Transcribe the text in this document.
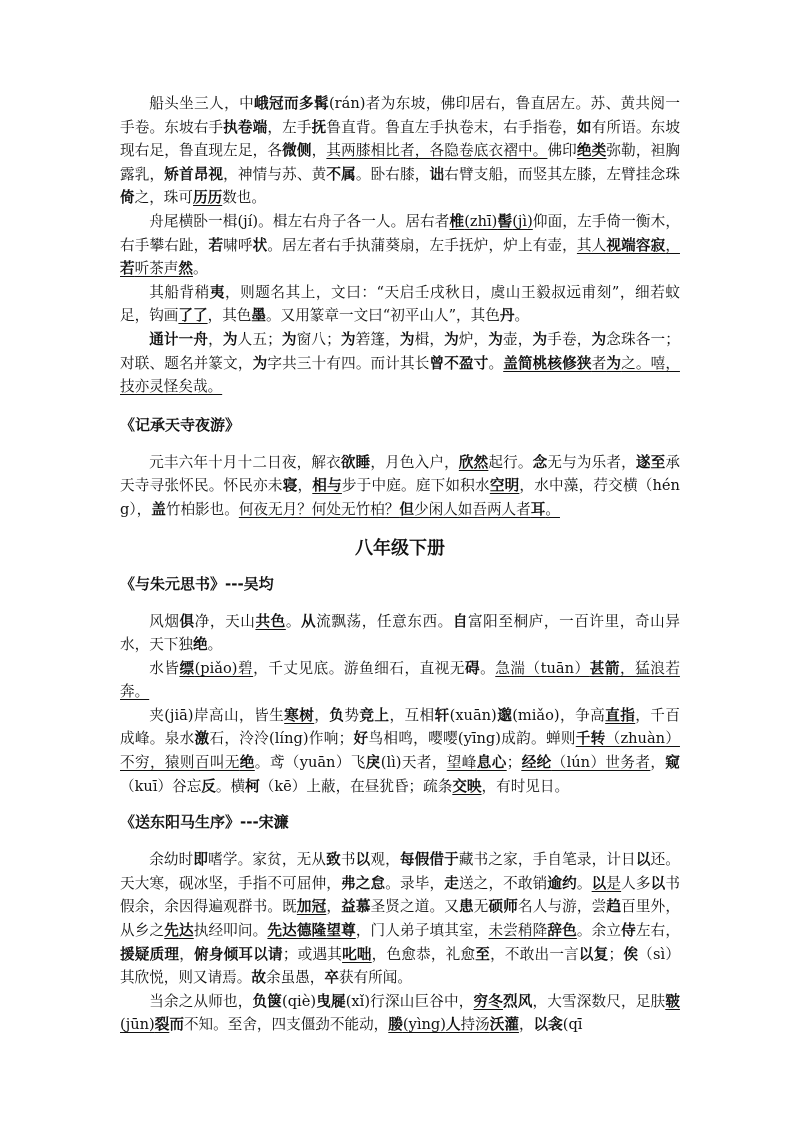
船头坐三人，中峨冠而多髯(rán)者为东坡，佛印居右，鲁直居左。苏、黄共阅一手卷。东坡右手执卷端，左手抚鲁直背。鲁直左手执卷末，右手指卷，如有所语。东坡现右足，鲁直现左足，各微侧，其两膝相比者，各隐卷底衣褶中。佛印绝类弥勒，袒胸露乳，矫首昂视，神情与苏、黄不属。卧右膝，诎右臂支船，而竖其左膝，左臂挂念珠倚之，珠可历历数也。

舟尾横卧一楫(jí)。楫左右舟子各一人。居右者椎(zhī)髻(jì)仰面，左手倚一衡木，右手攀右趾，若啸呼状。居左者右手执蒲葵扇，左手抚炉，炉上有壶，其人视端容寂，若听茶声然。

其船背稍夷，则题名其上，文曰：“天启壬戌秋日，虞山王毅叔远甫刻”，细若蚊足，钩画了了，其色墨。又用篆章一文曰“初平山人”，其色丹。

通计一舟，为人五；为窗八；为箬篷，为楫，为炉，为壶，为手卷，为念珠各一；对联、题名并篆文，为字共三十有四。而计其长曾不盈寸。盖简桃核修狭者为之。嘻，技亦灵怪矣哉。

《记承天寺夜游》

元丰六年十月十二日夜，解衣欲睡，月色入户，欣然起行。念无与为乐者，遂至承天寺寻张怀民。怀民亦未寝，相与步于中庭。庭下如积水空明，水中藻，荇交横（héng），盖竹柏影也。何夜无月？何处无竹柏？但少闲人如吾两人者耳。

八年级下册

《与朱元思书》---吴均

风烟俱净，天山共色。从流飘荡，任意东西。自富阳至桐庐，一百许里，奇山异水，天下独绝。

水皆缥(piǎo)碧，千丈见底。游鱼细石，直视无碍。急湍（tuān）甚箭，猛浪若奔。

夹(jiā)岸高山，皆生寒树，负势竞上，互相轩(xuān)邈(miǎo)，争高直指，千百成峰。泉水激石，泠泠(líng)作响；好鸟相鸣，嘤嘤(yīng)成韵。蝉则千转（zhuàn）不穷，猿则百叫无绝。鸢（yuān）飞戾(lì)天者，望峰息心；经纶（lún）世务者，窥（kuī）谷忘反。横柯（kē）上蔽，在昼犹昏；疏条交映，有时见日。

《送东阳马生序》---宋濂

余幼时即嗜学。家贫，无从致书以观，每假借于藏书之家，手自笔录，计日以还。天大寒，砚冰坚，手指不可屈伸，弗之怠。录毕，走送之，不敢销逾约。以是人多以书假余，余因得遍观群书。既加冠，益慕圣贤之道。又患无硕师名人与游，尝趋百里外，从乡之先达执经叩问。先达德隆望尊，门人弟子填其室，未尝稍降辞色。余立侍左右，援疑质理，俯身倾耳以请；或遇其叱咄，色愈恭，礼愈至，不敢出一言以复；俟（sì）其欣悦，则又请焉。故余虽愚，卒获有所闻。

当余之从师也，负箧(qiè)曳屣(xǐ)行深山巨谷中，穷冬烈风，大雪深数尺，足肤皲(jūn)裂而不知。至舍，四支僵劲不能动，媵(yìng)人持汤沃灌，以衾(qī
